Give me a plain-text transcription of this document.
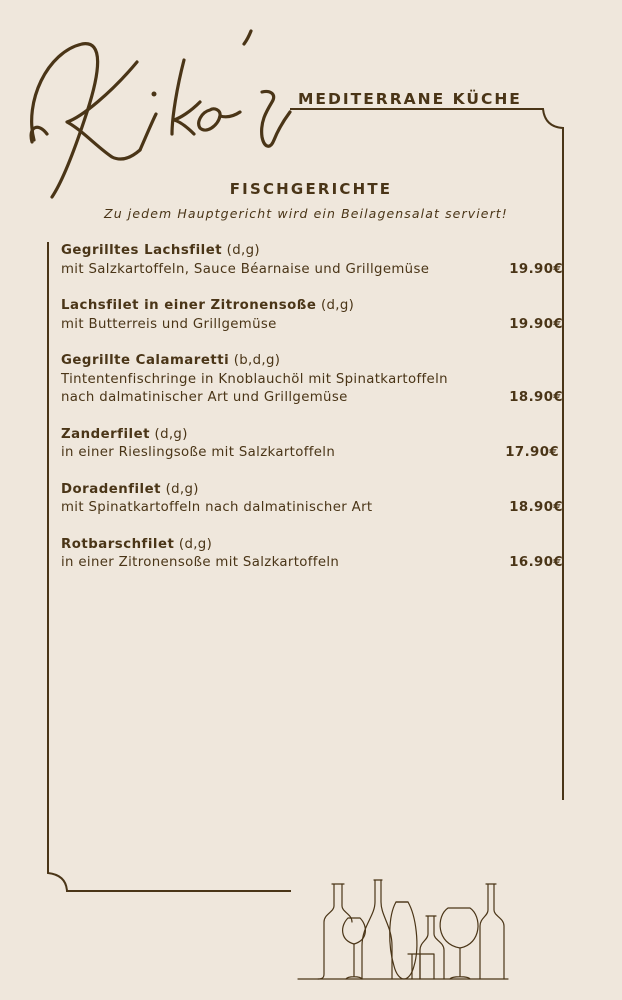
MEDITERRANE KÜCHE
FISCHGERICHTE
Zu jedem Hauptgericht wird ein Beilagensalat serviert!
Gegrilltes Lachsfilet (d,g)
mit Salzkartoffeln, Sauce Béarnaise und Grillgemüse	19.90€
Lachsfilet in einer Zitronensoße (d,g)
mit Butterreis und Grillgemüse	19.90€
Gegrillte Calamaretti (b,d,g)
Tintentenfischringe in Knoblauchöl mit Spinatkartoffeln
nach dalmatinischer Art und Grillgemüse	18.90€
Zanderfilet (d,g)
in einer Rieslingsoße mit Salzkartoffeln	17.90€
Doradenfilet (d,g)
mit Spinatkartoffeln nach dalmatinischer Art	18.90€
Rotbarschfilet (d,g)
in einer Zitronensoße mit Salzkartoffeln	16.90€
